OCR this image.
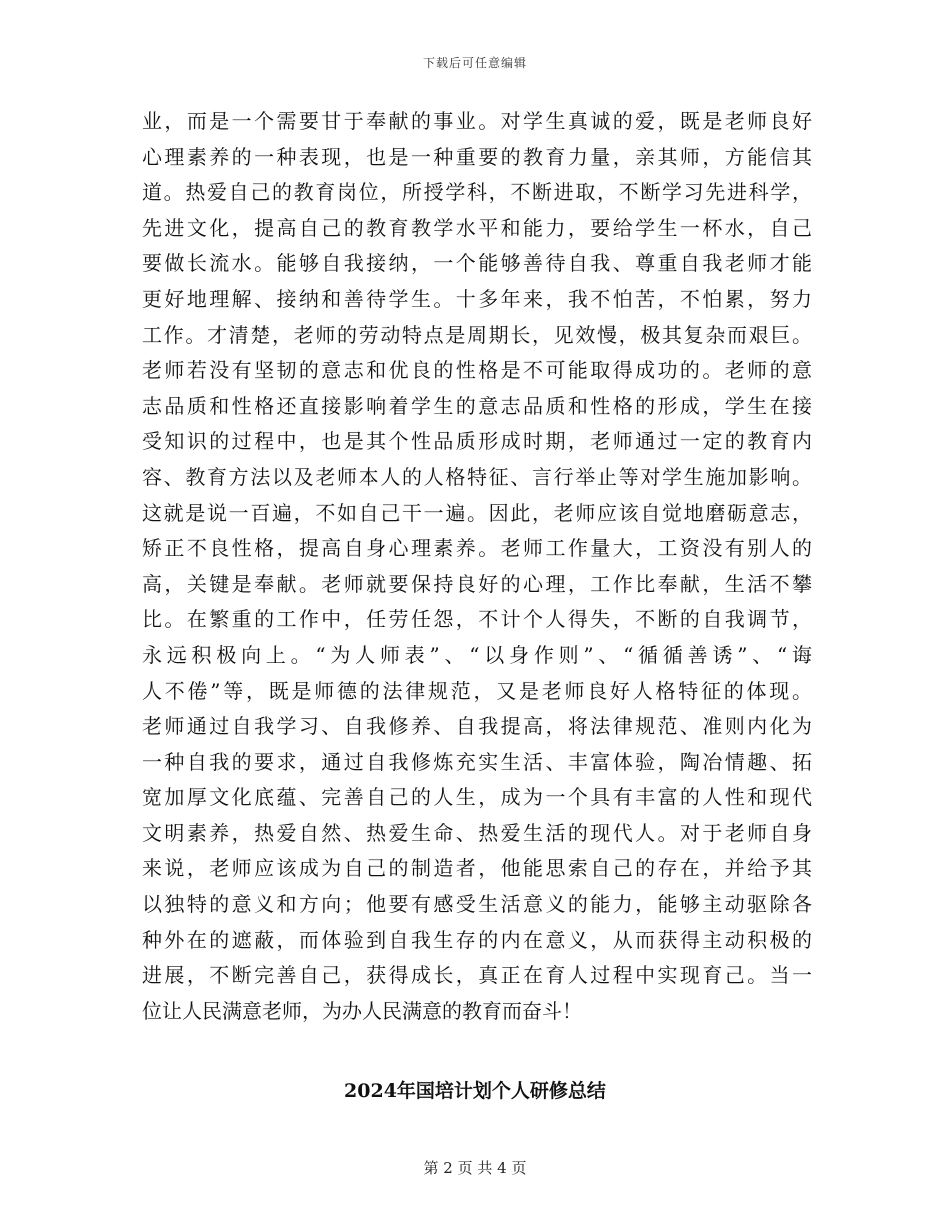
下载后可任意编辑
业，而是一个需要甘于奉献的事业。对学生真诚的爱，既是老师良好
心理素养的一种表现，也是一种重要的教育力量，亲其师，方能信其
道。热爱自己的教育岗位，所授学科，不断进取，不断学习先进科学，
先进文化，提高自己的教育教学水平和能力，要给学生一杯水，自己
要做长流水。能够自我接纳，一个能够善待自我、尊重自我老师才能
更好地理解、接纳和善待学生。十多年来，我不怕苦，不怕累，努力
工作。才清楚，老师的劳动特点是周期长，见效慢，极其复杂而艰巨。
老师若没有坚韧的意志和优良的性格是不可能取得成功的。老师的意
志品质和性格还直接影响着学生的意志品质和性格的形成，学生在接
受知识的过程中，也是其个性品质形成时期，老师通过一定的教育内
容、教育方法以及老师本人的人格特征、言行举止等对学生施加影响。
这就是说一百遍，不如自己干一遍。因此，老师应该自觉地磨砺意志，
矫正不良性格，提高自身心理素养。老师工作量大，工资没有别人的
高，关键是奉献。老师就要保持良好的心理，工作比奉献，生活不攀
比。在繁重的工作中，任劳任怨，不计个人得失，不断的自我调节，
永远积极向上。“为人师表”、“以身作则”、“循循善诱”、“诲
人不倦”等，既是师德的法律规范，又是老师良好人格特征的体现。
老师通过自我学习、自我修养、自我提高，将法律规范、准则内化为
一种自我的要求，通过自我修炼充实生活、丰富体验，陶冶情趣、拓
宽加厚文化底蕴、完善自己的人生，成为一个具有丰富的人性和现代
文明素养，热爱自然、热爱生命、热爱生活的现代人。对于老师自身
来说，老师应该成为自己的制造者，他能思索自己的存在，并给予其
以独特的意义和方向；他要有感受生活意义的能力，能够主动驱除各
种外在的遮蔽，而体验到自我生存的内在意义，从而获得主动积极的
进展，不断完善自己，获得成长，真正在育人过程中实现育己。当一
位让人民满意老师，为办人民满意的教育而奋斗！
2024年国培计划个人研修总结
第 2 页 共 4 页
